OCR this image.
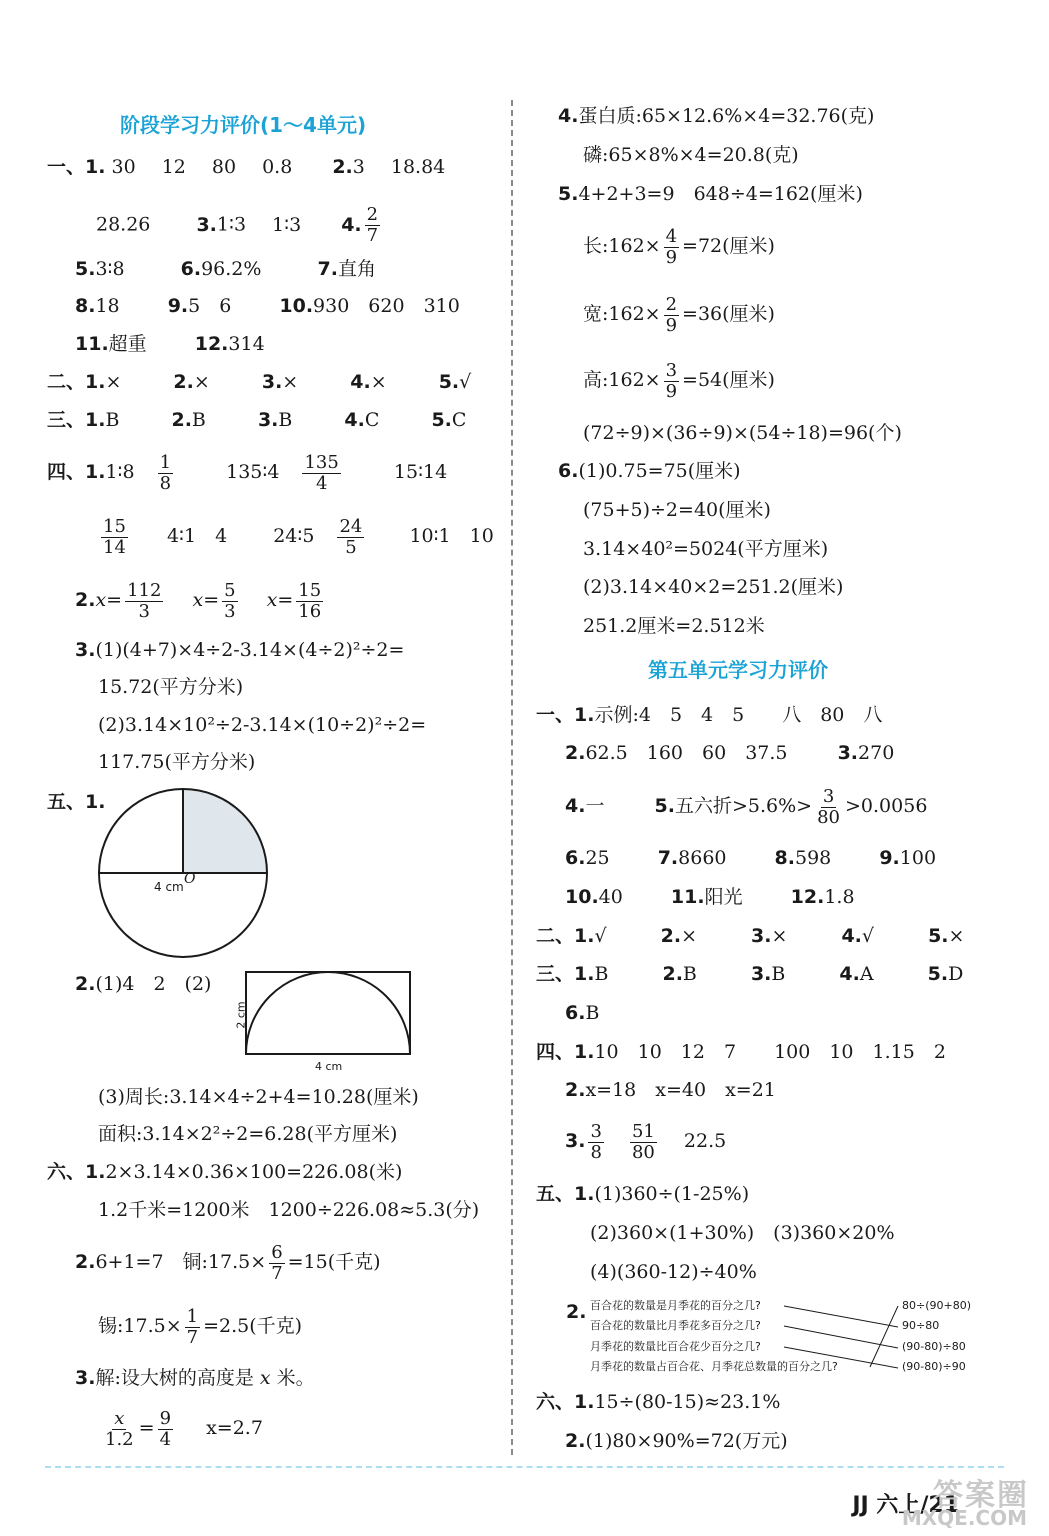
阶段学习力评价(1～4单元)
一、1. 30 12 80 0.8 2.3 18.84
28.26 3.1∶3 1∶3 4. $\frac{2}{7}$
5.3∶8	6.96.2%	7.直角
8.18	9.5　6	10.930　620　310
11.超重	12.314
二、1.×	2.×	3.×	4.×	5.√
三、1.B	2.B	3.B	4.C	5.C
四、1.1∶8 $\frac{1}{8}$	135∶4 $\frac{135}{4}$	15∶14
$\frac{15}{14}$ 4∶1　4 24∶5 $\frac{24}{5}$ 10∶1　10
$2.x= \frac{112}{3} x= \frac{5}{3} x= \frac{15}{16}$
3.(1)(4+7)×4÷2-3.14×(4÷2)²÷2=
15.72(平方分米)
(2)3.14×10²÷2-3.14×(10÷2)²÷2=
117.75(平方分米)
五、1.
4 cm O
2.(1)4　2　(2)
2 cm
4 cm
(3)周长:3.14×4÷2+4=10.28(厘米)
面积:3.14×2²÷2=6.28(平方厘米)
六、1.2×3.14×0.36×100=226.08(米)
1.2千米=1200米　1200÷226.08≈5.3(分)
2.6+1=7　铜:17.5× $\frac{6}{7} =15$(千克)
锡:17.5× $\frac{1}{7} =2.5$(千克)
3.解:设大树的高度是 x 米。
$\frac{x}{1.2} = \frac{9}{4} x=2.7$
4.蛋白质:65×12.6%×4=32.76(克)
磷:65×8%×4=20.8(克)
5.4+2+3=9　648÷4=162(厘米)
长:162× $\frac{4}{9} =72$(厘米)
宽:162× $\frac{2}{9} =36$(厘米)
高:162× $\frac{3}{9} =54$(厘米)
(72÷9)×(36÷9)×(54÷18)=96(个)
6.(1)0.75=75(厘米)
(75+5)÷2=40(厘米)
3.14×40²=5024(平方厘米)
(2)3.14×40×2=251.2(厘米)
251.2厘米=2.512米
第五单元学习力评价
一、1.示例:4　5　4　5　　八　80　八
2.62.5　160　60　37.5	3.270
4.一	5.五六折$>5.6\%> \frac{3}{80} >0.0056$
6.25	7.8660	8.598	9.100
10.40	11.阳光	12.1.8
二、1.√	2.×	3.×	4.√	5.×
三、1.B	2.B	3.B	4.A	5.D
6.B
四、1.10　10　12　7　　100　10　1.15　2
2.x=18　x=40　x=21
3. $\frac{3}{8}$
$\frac{51}{80} 22.5$
五、1.(1)360÷(1-25%)
(2)360×(1+30%)　(3)360×20%
(4)(360-12)÷40%
2. 百合花的数量是月季花的百分之几?
百合花的数量比月季花多百分之几?
月季花的数量比百合花少百分之几?
月季花的数量占百合花、月季花总数量的百分之几?
80÷(90+80)
90÷80
(90-80)÷80
(90-80)÷90
六、1.15÷(80-15)≈23.1%
2.(1)80×90%=72(万元)
JJ 六上/21
答案圈
MXQE.COM
